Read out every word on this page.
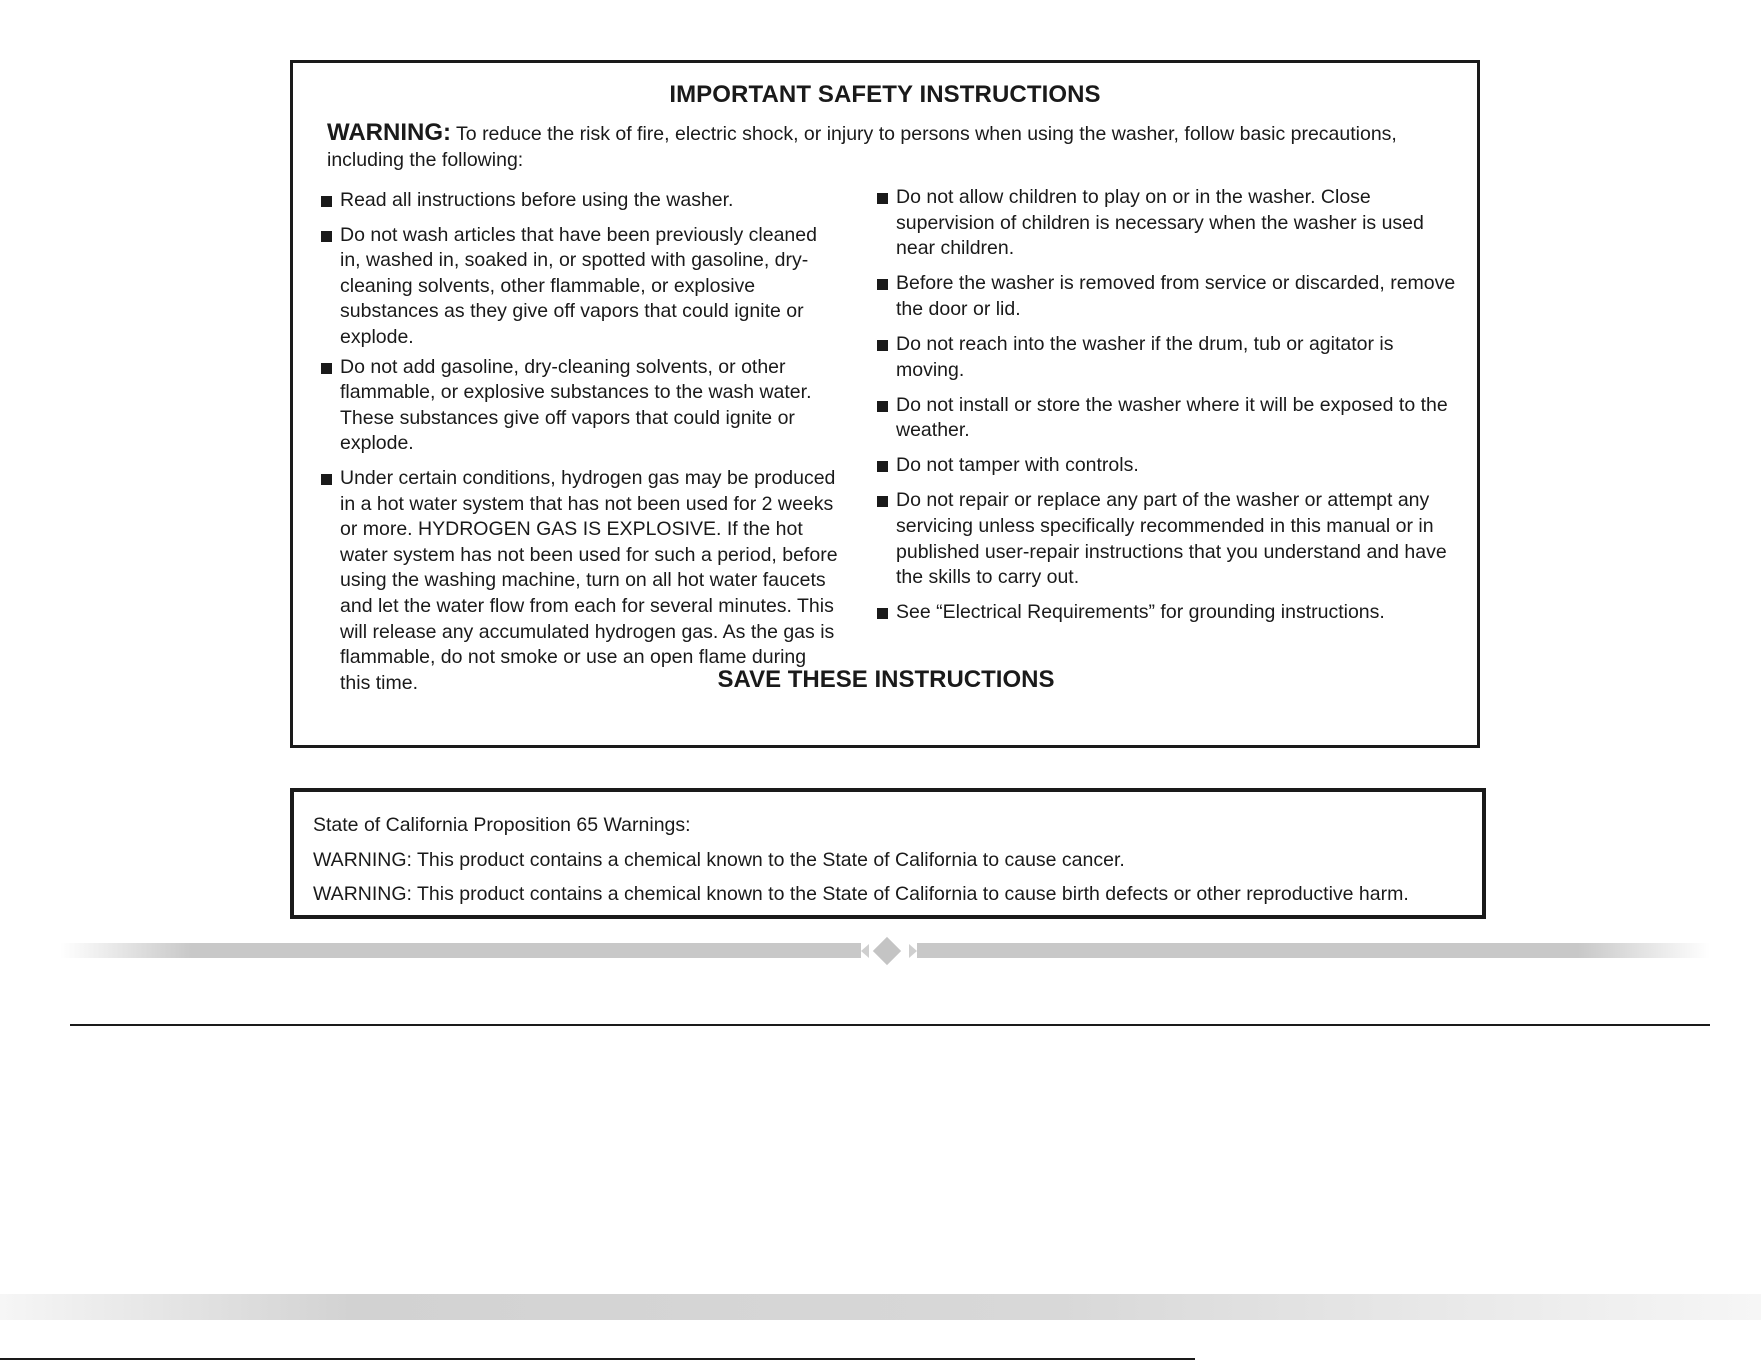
IMPORTANT SAFETY INSTRUCTIONS
WARNING: To reduce the risk of fire, electric shock, or injury to persons when using the washer, follow basic precautions, including the following:
Read all instructions before using the washer.
Do not wash articles that have been previously cleaned in, washed in, soaked in, or spotted with gasoline, dry-cleaning solvents, other flammable, or explosive substances as they give off vapors that could ignite or explode.
Do not add gasoline, dry-cleaning solvents, or other flammable, or explosive substances to the wash water. These substances give off vapors that could ignite or explode.
Under certain conditions, hydrogen gas may be produced in a hot water system that has not been used for 2 weeks or more. HYDROGEN GAS IS EXPLOSIVE. If the hot water system has not been used for such a period, before using the washing machine, turn on all hot water faucets and let the water flow from each for several minutes. This will release any accumulated hydrogen gas. As the gas is flammable, do not smoke or use an open flame during this time.
Do not allow children to play on or in the washer. Close supervision of children is necessary when the washer is used near children.
Before the washer is removed from service or discarded, remove the door or lid.
Do not reach into the washer if the drum, tub or agitator is moving.
Do not install or store the washer where it will be exposed to the weather.
Do not tamper with controls.
Do not repair or replace any part of the washer or attempt any servicing unless specifically recommended in this manual or in published user-repair instructions that you understand and have the skills to carry out.
See “Electrical Requirements” for grounding instructions.
SAVE THESE INSTRUCTIONS
State of California Proposition 65 Warnings:
WARNING: This product contains a chemical known to the State of California to cause cancer.
WARNING: This product contains a chemical known to the State of California to cause birth defects or other reproductive harm.
